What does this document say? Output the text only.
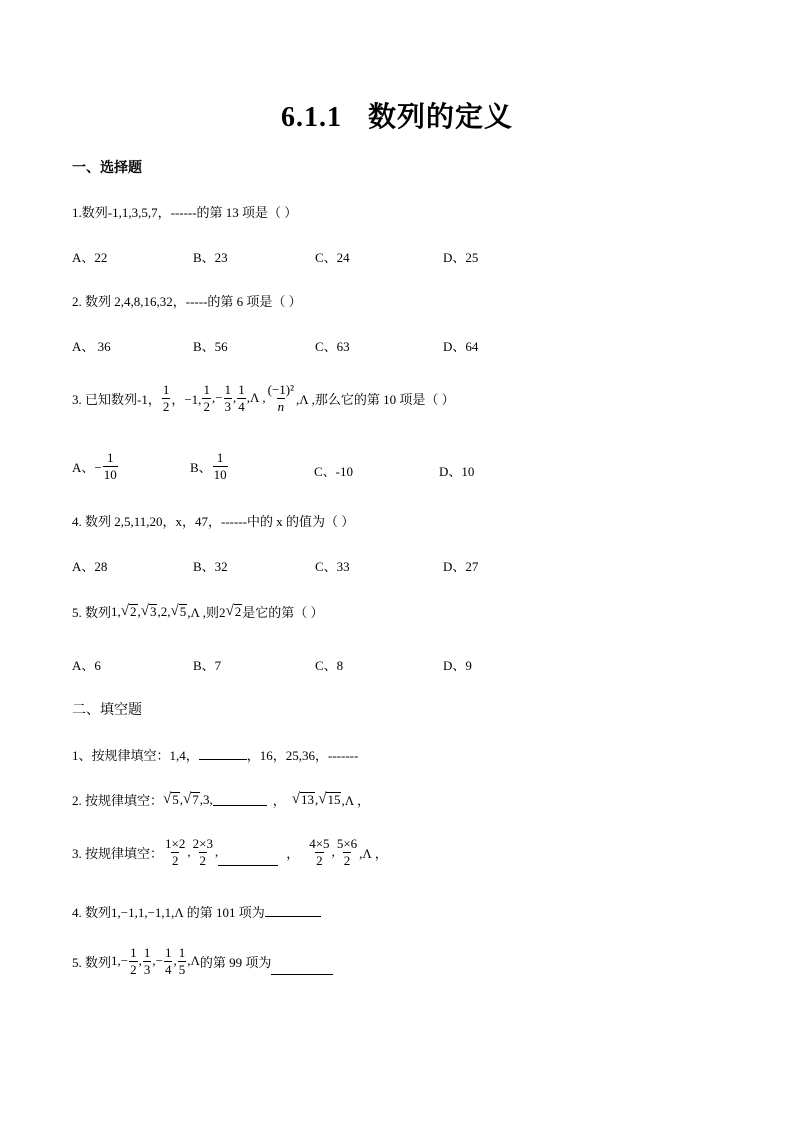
6.1.1 数列的定义
一、选择题
1.数列-1,1,3,5,7，------的第 13 项是（ ）
A、22	B、23	C、24	D、25
2. 数列 2,4,8,16,32，-----的第 6 项是（ ）
A、 36	B、56	C、63	D、64
3. 已知数列-1， $\frac{1}{2}$ ，−1, $\frac{1}{2}$ ,− $\frac{1}{3}$ , $\frac{1}{4} ,\Lambda$ , $\frac{\text{(−1)²}}{n} ,\Lambda$ ,那么它的第 10 项是（ ）
A、− $\frac{1}{10}$	B、 $\frac{1}{10}$	C、-10	D、10
4. 数列 2,5,11,20，x，47，------中的 x 的值为（ ）
A、28	B、32	C、33	D、27
5. 数列 1, √ 2 , √ 3 ,2, √ 5 ,Λ ,则2 √ 2 是它的第（ ）
A、6	B、7	C、8	D、9
二、填空题
1、按规律填空：1,4，	，16，25,36，-------
2. 按规律填空： √ 5 , √ 7 ,3,	， √ 13 , √ 15 ,Λ ，
3. 按规律填空： $\frac{1\times 2}{2}$ , $\frac{2\times 3}{2}$ ,	， $\frac{4\times 5}{2}$ , $\frac{5\times 6}{2} ,\Lambda$ ，
4. 数列1,−1,1,−1,1,Λ 的第 101 项为
5. 数列 $1,- \frac{1}{2}$ , $\frac{1}{3}$ ,− $\frac{1}{4}$ , $\frac{1}{5} ,\Lambda$ 的第 99 项为
